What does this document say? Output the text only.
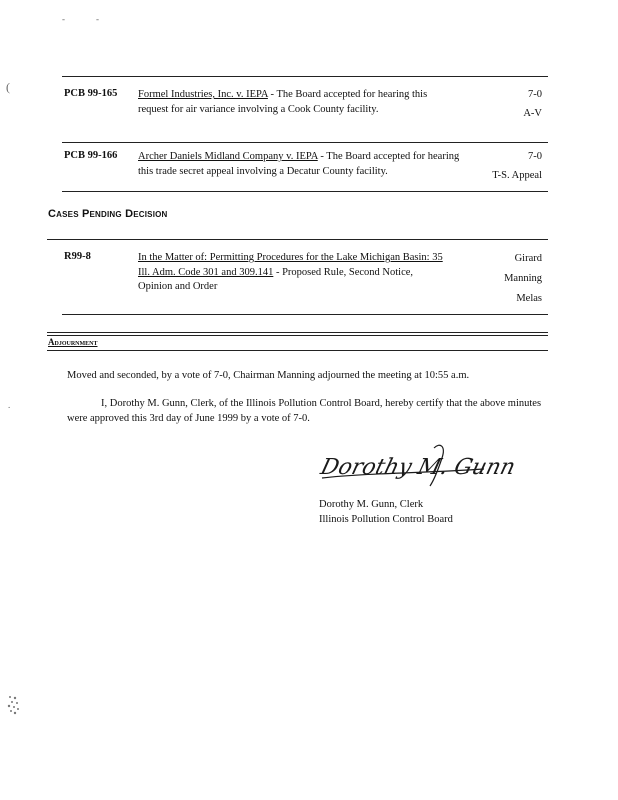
-	-
(
.
PCB 99-165 Formel Industries, Inc. v. IEPA - The Board accepted for hearing this request for air variance involving a Cook County facility.
7-0
A-V
PCB 99-166 Archer Daniels Midland Company v. IEPA - The Board accepted for hearing this trade secret appeal involving a Decatur County facility.
7-0
T-S. Appeal
Cases Pending Decision
R99-8	In the Matter of: Permitting Procedures for the Lake Michigan Basin: 35 Ill. Adm. Code 301 and 309.141 - Proposed Rule, Second Notice, Opinion and Order
Girard
Manning
Melas
Adjournment
Moved and seconded, by a vote of 7-0, Chairman Manning adjourned the meeting at 10:55 a.m.
I, Dorothy M. Gunn, Clerk, of the Illinois Pollution Control Board, hereby certify that the above minutes were approved this 3rd day of June 1999 by a vote of 7-0.
Dorothy M. Gunn
Dorothy M. Gunn, Clerk
Illinois Pollution Control Board
